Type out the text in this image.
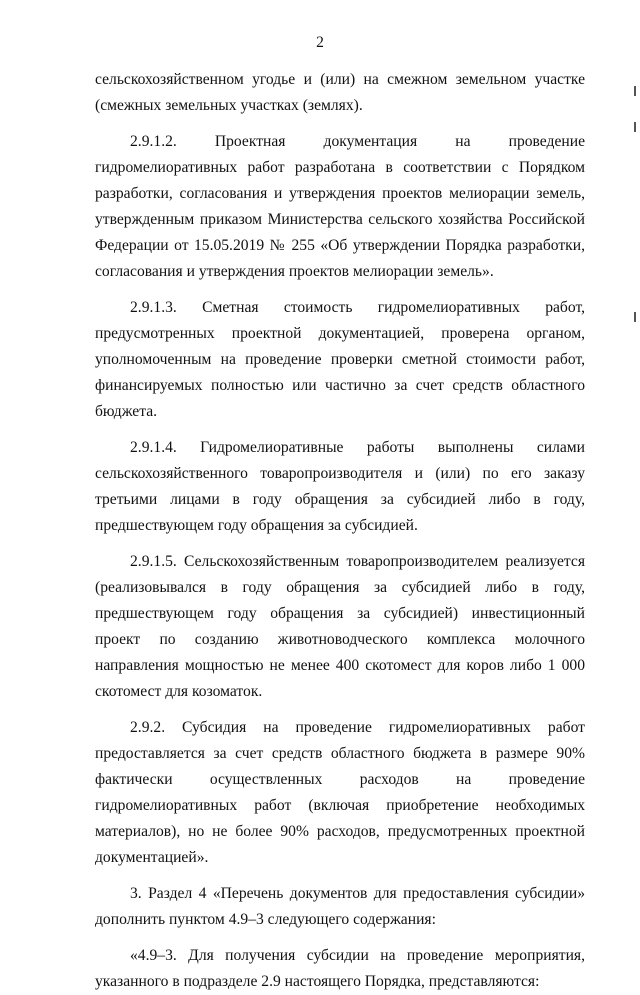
2

сельскохозяйственном угодье и (или) на смежном земельном участке (смежных земельных участках (землях).

2.9.1.2. Проектная документация на проведение гидромелиоративных работ разработана в соответствии с Порядком разработки, согласования и утверждения проектов мелиорации земель, утвержденным приказом Министерства сельского хозяйства Российской Федерации от 15.05.2019 № 255 «Об утверждении Порядка разработки, согласования и утверждения проектов мелиорации земель».

2.9.1.3. Сметная стоимость гидромелиоративных работ, предусмотренных проектной документацией, проверена органом, уполномоченным на проведение проверки сметной стоимости работ, финансируемых полностью или частично за счет средств областного бюджета.

2.9.1.4. Гидромелиоративные работы выполнены силами сельскохозяйственного товаропроизводителя и (или) по его заказу третьими лицами в году обращения за субсидией либо в году, предшествующем году обращения за субсидией.

2.9.1.5. Сельскохозяйственным товаропроизводителем реализуется (реализовывался в году обращения за субсидией либо в году, предшествующем году обращения за субсидией) инвестиционный проект по созданию животноводческого комплекса молочного направления мощностью не менее 400 скотомест для коров либо 1 000 скотомест для козоматок.

2.9.2. Субсидия на проведение гидромелиоративных работ предоставляется за счет средств областного бюджета в размере 90% фактически осуществленных расходов на проведение гидромелиоративных работ (включая приобретение необходимых материалов), но не более 90% расходов, предусмотренных проектной документацией».

3. Раздел 4 «Перечень документов для предоставления субсидии» дополнить пунктом 4.9–3 следующего содержания:

«4.9–3. Для получения субсидии на проведение мероприятия, указанного в подразделе 2.9 настоящего Порядка, представляются:
